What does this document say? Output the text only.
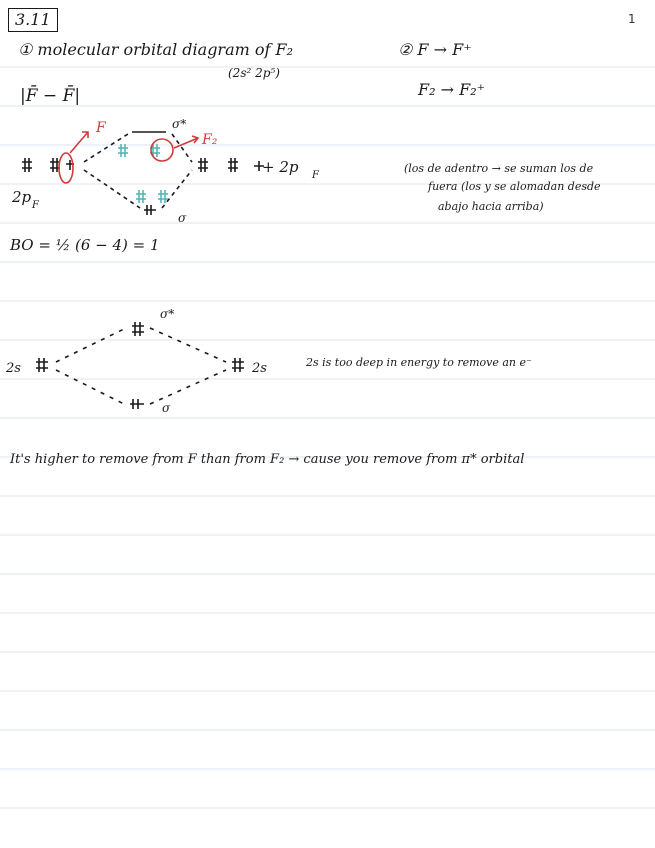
1
3.11
① molecular orbital diagram of F₂
(2s² 2p⁵)
② F → F⁺
F₂ → F₂⁺
|F̄ − F̄|
F
F₂
σ*
σ
2p F
+ 2p F
(los de adentro → se suman los de
fuera (los y se alomadan desde
abajo hacia arriba)
BO = ½ (6 − 4) = 1
2s	2s
σ*
σ
2s is too deep in energy to remove an e⁻
It's higher to remove from F than from F₂ → cause you remove from π* orbital
